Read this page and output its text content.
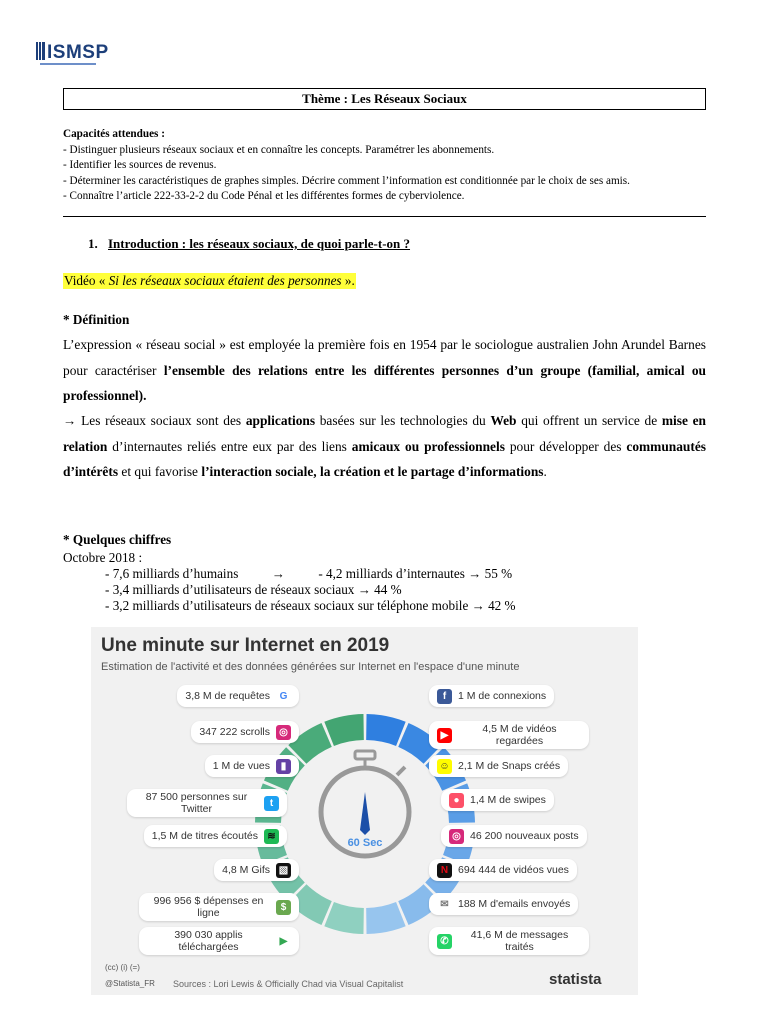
ISMSP
Thème : Les Réseaux Sociaux
Capacités attendues :
- Distinguer plusieurs réseaux sociaux et en connaître les concepts. Paramétrer les abonnements.
- Identifier les sources de revenus.
- Déterminer les caractéristiques de graphes simples. Décrire comment l’information est conditionnée par le choix de ses amis.
- Connaître l’article 222-33-2-2 du Code Pénal et les différentes formes de cyberviolence.
1. Introduction : les réseaux sociaux, de quoi parle-t-on ?
Vidéo « Si les réseaux sociaux étaient des personnes ».
* Définition
L’expression « réseau social » est employée la première fois en 1954 par le sociologue australien John Arundel Barnes pour caractériser l’ensemble des relations entre les différentes personnes d’un groupe (familial, amical ou professionnel).
→ Les réseaux sociaux sont des applications basées sur les technologies du Web qui offrent un service de mise en relation d’internautes reliés entre eux par des liens amicaux ou professionnels pour développer des communautés d’intérêts et qui favorise l’interaction sociale, la création et le partage d’informations.
* Quelques chiffres
Octobre 2018 :
- 7,6 milliards d’humains	→	- 4,2 milliards d’internautes → 55 %
- 3,4 milliards d’utilisateurs de réseaux sociaux → 44 %
- 3,2 milliards d’utilisateurs de réseaux sociaux sur téléphone mobile → 42 %
Une minute sur Internet en 2019
Estimation de l'activité et des données générées sur Internet en l'espace d'une minute
60 Sec
3,8 M de requêtes G
347 222 scrolls ◎
1 M de vues	▮
87 500 personnes sur Twitter	t
1,5 M de titres écoutés ≋
4,8 M Gifs ▧
996 956 $ dépenses en ligne	$
390 030 applis téléchargées	▶
f	1 M de connexions
▶	4,5 M de vidéos regardées
☺ 2,1 M de Snaps créés
● 1,4 M de swipes
◎ 46 200 nouveaux posts
N 694 444 de vidéos vues
✉ 188 M d'emails envoyés
✆	41,6 M de messages traités
(cc) (i) (=)
@Statista_FR Sources : Lori Lewis & Officially Chad via Visual Capitalist	statista
